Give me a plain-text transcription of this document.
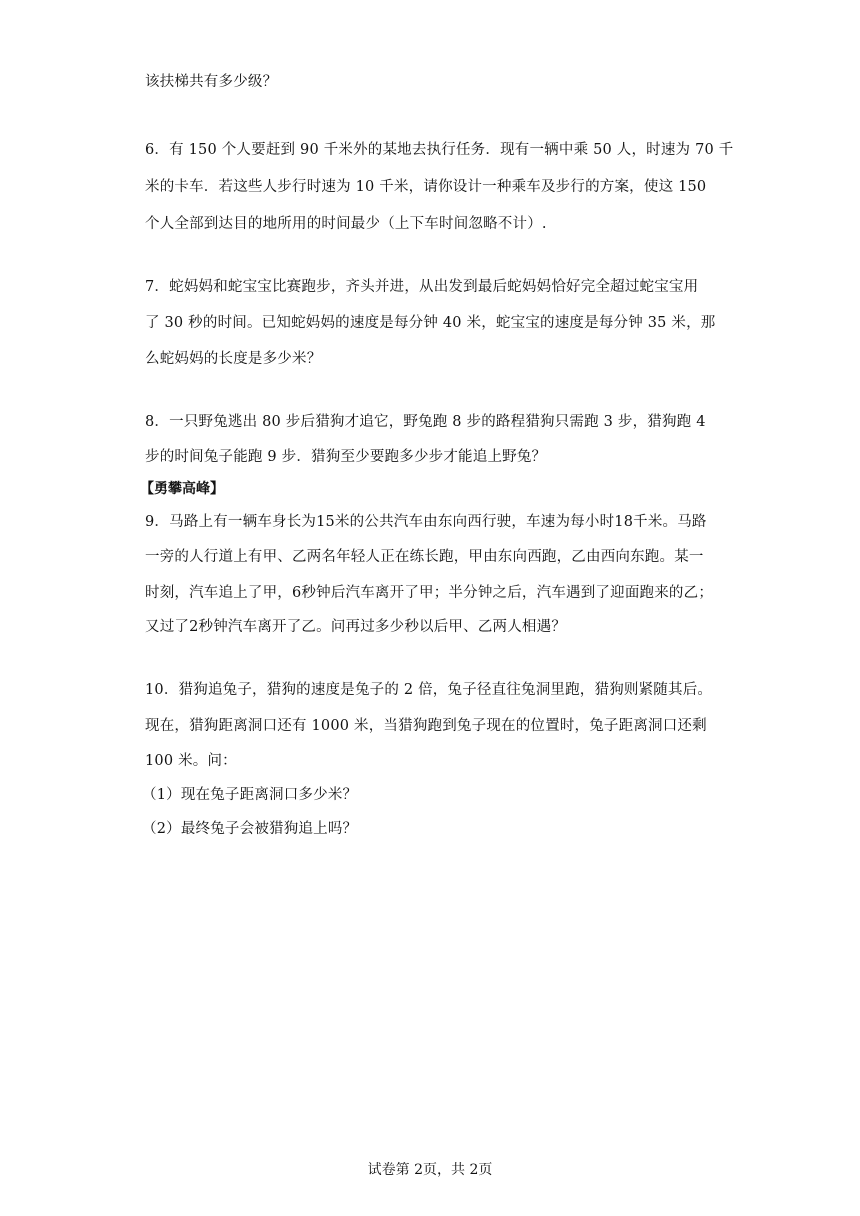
该扶梯共有多少级？
6．有 150 个人要赶到 90 千米外的某地去执行任务．现有一辆中乘 50 人，时速为 70 千
米的卡车．若这些人步行时速为 10 千米，请你设计一种乘车及步行的方案，使这 150
个人全部到达目的地所用的时间最少（上下车时间忽略不计）.
7．蛇妈妈和蛇宝宝比赛跑步，齐头并进，从出发到最后蛇妈妈恰好完全超过蛇宝宝用
了 30 秒的时间。已知蛇妈妈的速度是每分钟 40 米，蛇宝宝的速度是每分钟 35 米，那
么蛇妈妈的长度是多少米？
8．一只野兔逃出 80 步后猎狗才追它，野兔跑 8 步的路程猎狗只需跑 3 步，猎狗跑 4
步的时间兔子能跑 9 步．猎狗至少要跑多少步才能追上野兔？
【勇攀高峰】
9．马路上有一辆车身长为15米的公共汽车由东向西行驶，车速为每小时18千米。马路
一旁的人行道上有甲、乙两名年轻人正在练长跑，甲由东向西跑，乙由西向东跑。某一
时刻，汽车追上了甲，6秒钟后汽车离开了甲；半分钟之后，汽车遇到了迎面跑来的乙；
又过了2秒钟汽车离开了乙。问再过多少秒以后甲、乙两人相遇？
10．猎狗追兔子，猎狗的速度是兔子的 2 倍，兔子径直往兔洞里跑，猎狗则紧随其后。
现在，猎狗距离洞口还有 1000 米，当猎狗跑到兔子现在的位置时，兔子距离洞口还剩
100 米。问：
（1）现在兔子距离洞口多少米？
（2）最终兔子会被猎狗追上吗？
试卷第 2页，共 2页
